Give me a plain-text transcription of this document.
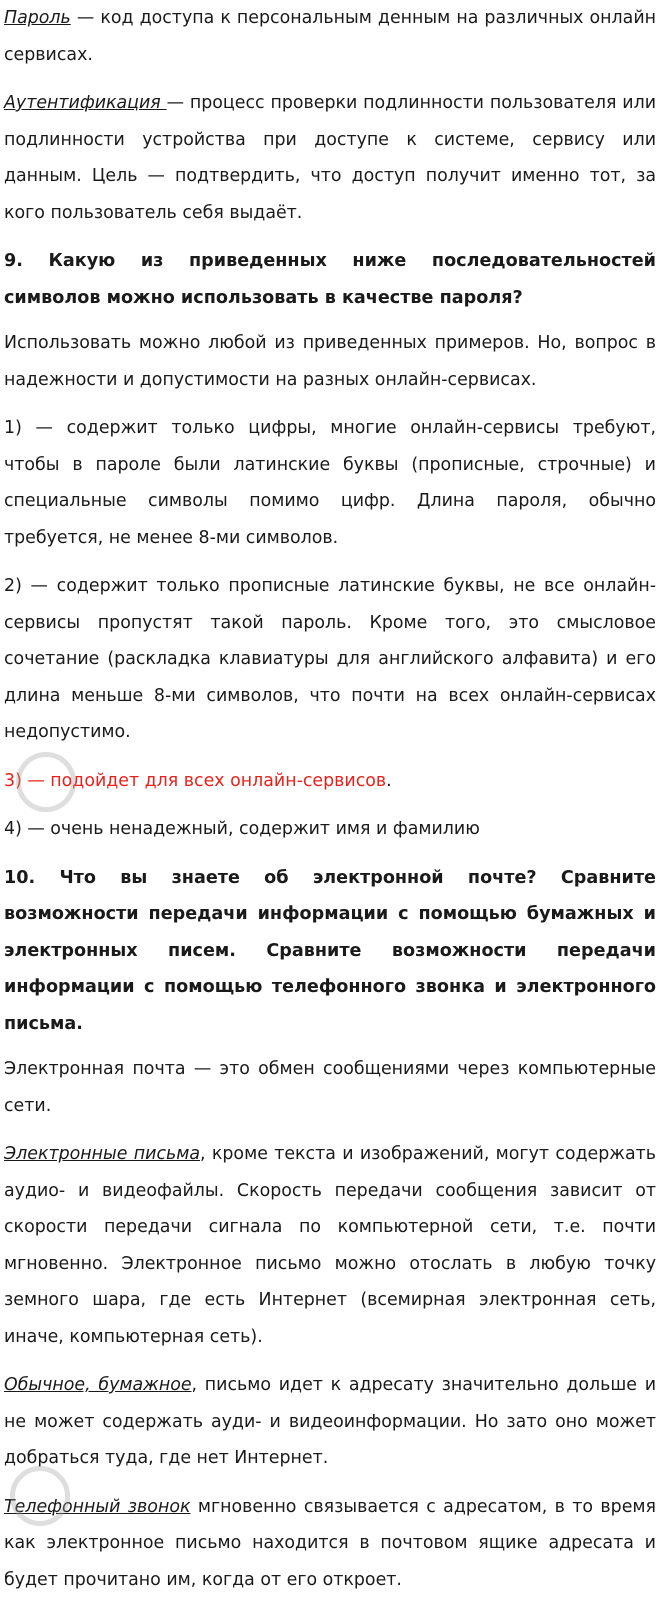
Пароль — код доступа к персональным денным на различных онлайн сервисах.

Аутентификация — процесс проверки подлинности пользователя или подлинности устройства при доступе к системе, сервису или данным. Цель — подтвердить, что доступ получит именно тот, за кого пользователь себя выдаёт.

9. Какую из приведенных ниже последовательностей символов можно использовать в качестве пароля?

Использовать можно любой из приведенных примеров. Но, вопрос в надежности и допустимости на разных онлайн-сервисах.

1) — содержит только цифры, многие онлайн-сервисы требуют, чтобы в пароле были латинские буквы (прописные, строчные) и специальные символы помимо цифр. Длина пароля, обычно требуется, не менее 8-ми символов.

2) — содержит только прописные латинские буквы, не все онлайн-сервисы пропустят такой пароль. Кроме того, это смысловое сочетание (раскладка клавиатуры для английского алфавита) и его длина меньше 8-ми символов, что почти на всех онлайн-сервисах недопустимо.

3) — подойдет для всех онлайн-сервисов.

4) — очень ненадежный, содержит имя и фамилию

10. Что вы знаете об электронной почте? Сравните возможности передачи информации с помощью бумажных и электронных писем. Сравните возможности передачи информации с помощью телефонного звонка и электронного письма.

Электронная почта — это обмен сообщениями через компьютерные сети.

Электронные письма, кроме текста и изображений, могут содержать аудио- и видеофайлы. Скорость передачи сообщения зависит от скорости передачи сигнала по компьютерной сети, т.е. почти мгновенно. Электронное письмо можно отослать в любую точку земного шара, где есть Интернет (всемирная электронная сеть, иначе, компьютерная сеть).

Обычное, бумажное, письмо идет к адресату значительно дольше и не может содержать ауди- и видеоинформации. Но зато оно может добраться туда, где нет Интернет.

Телефонный звонок мгновенно связывается с адресатом, в то время как электронное письмо находится в почтовом ящике адресата и будет прочитано им, когда от его откроет.
